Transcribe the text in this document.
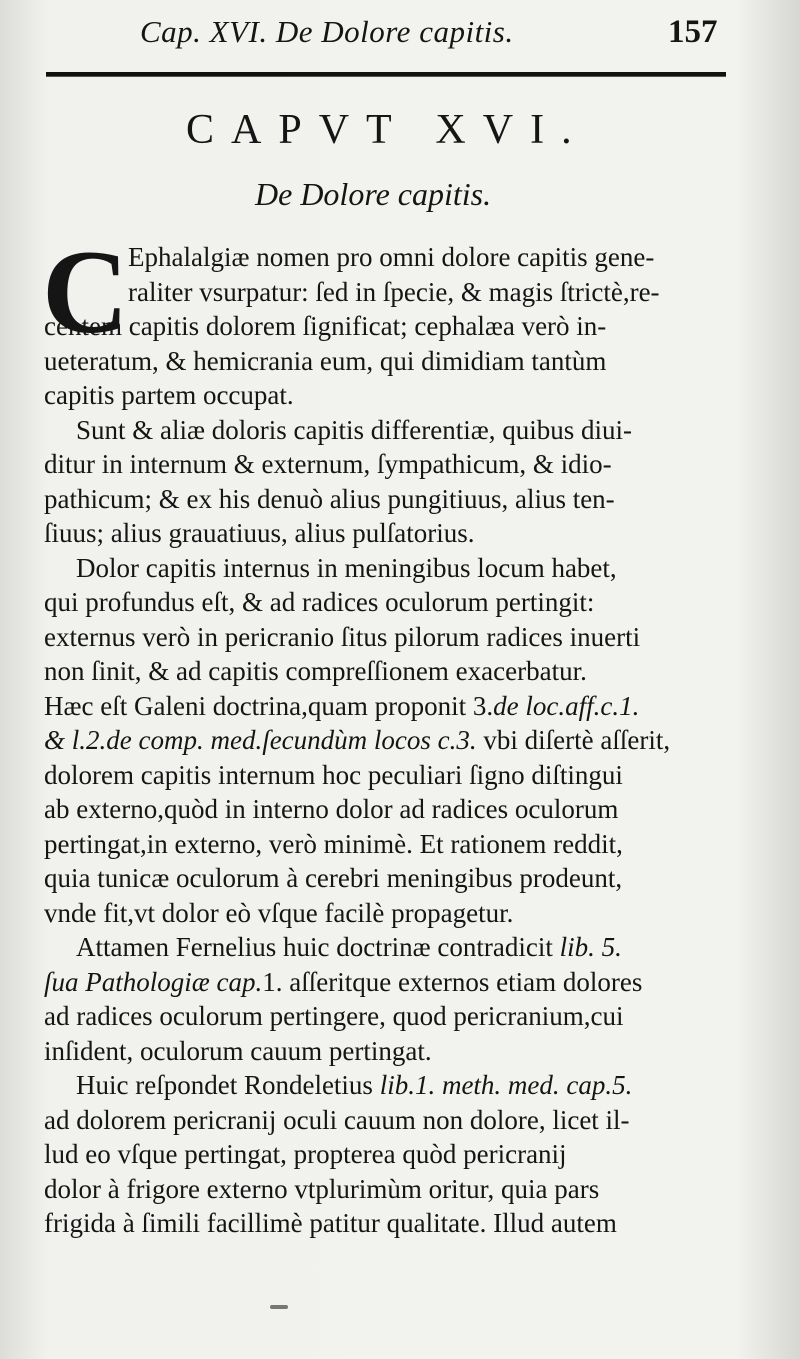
Cap. XVI. De Dolore capitis.	157
CAPVT XVI.
De Dolore capitis.
C Ephalalgiæ nomen pro omni dolore capitis gene-
raliter vsurpatur: ſed in ſpecie, & magis ſtrictè,re-
centem capitis dolorem ſignificat; cephalæa verò in-
ueteratum, & hemicrania eum, qui dimidiam tantùm
capitis partem occupat.
Sunt & aliæ doloris capitis differentiæ, quibus diui-
ditur in internum & externum, ſympathicum, & idio-
pathicum; & ex his denuò alius pungitiuus, alius ten-
ſiuus; alius grauatiuus, alius pulſatorius.
Dolor capitis internus in meningibus locum habet,
qui profundus eſt, & ad radices oculorum pertingit:
externus verò in pericranio ſitus pilorum radices inuerti
non ſinit, & ad capitis compreſſionem exacerbatur.
Hæc eſt Galeni doctrina,quam proponit 3.de loc.aff.c.1.
& l.2.de comp. med.ſecundùm locos c.3. vbi diſertè aſſerit,
dolorem capitis internum hoc peculiari ſigno diſtingui
ab externo,quòd in interno dolor ad radices oculorum
pertingat,in externo, verò minimè. Et rationem reddit,
quia tunicæ oculorum à cerebri meningibus prodeunt,
vnde fit,vt dolor eò vſque facilè propagetur.
Attamen Fernelius huic doctrinæ contradicit lib. 5.
ſua Pathologiæ cap.1. aſſeritque externos etiam dolores
ad radices oculorum pertingere, quod pericranium,cui
inſident, oculorum cauum pertingat.
Huic reſpondet Rondeletius lib.1. meth. med. cap.5.
ad dolorem pericranij oculi cauum non dolore, licet il-
lud eo vſque pertingat, propterea quòd pericranij
dolor à frigore externo vtplurimùm oritur, quia pars
frigida à ſimili facillimè patitur qualitate. Illud autem
